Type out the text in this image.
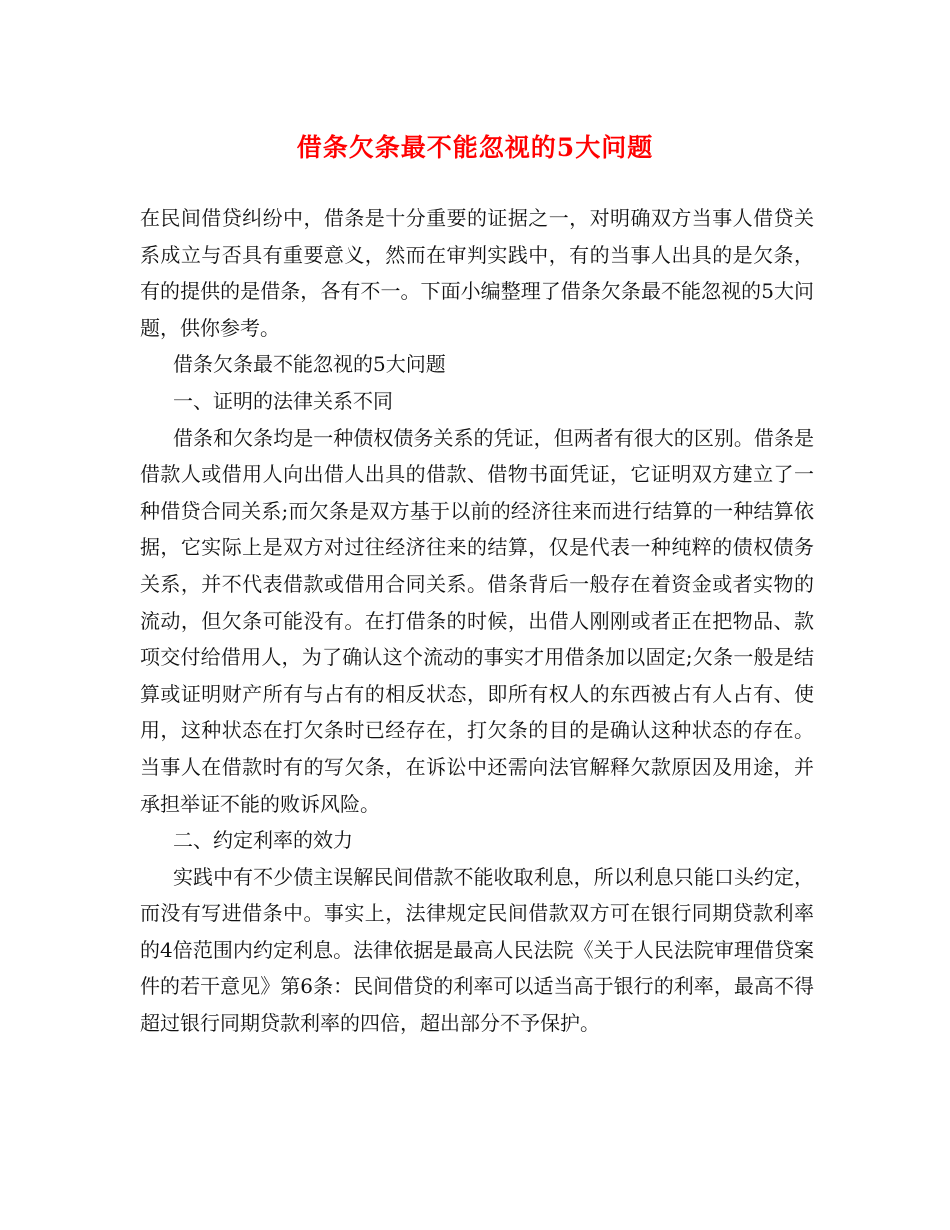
借条欠条最不能忽视的5大问题

在民间借贷纠纷中，借条是十分重要的证据之一，对明确双方当事人借贷关系成立与否具有重要意义，然而在审判实践中，有的当事人出具的是欠条，有的提供的是借条，各有不一。下面小编整理了借条欠条最不能忽视的5大问题，供你参考。

借条欠条最不能忽视的5大问题

一、证明的法律关系不同

借条和欠条均是一种债权债务关系的凭证，但两者有很大的区别。借条是借款人或借用人向出借人出具的借款、借物书面凭证，它证明双方建立了一种借贷合同关系;而欠条是双方基于以前的经济往来而进行结算的一种结算依据，它实际上是双方对过往经济往来的结算，仅是代表一种纯粹的债权债务关系，并不代表借款或借用合同关系。借条背后一般存在着资金或者实物的流动，但欠条可能没有。在打借条的时候，出借人刚刚或者正在把物品、款项交付给借用人，为了确认这个流动的事实才用借条加以固定;欠条一般是结算或证明财产所有与占有的相反状态，即所有权人的东西被占有人占有、使用，这种状态在打欠条时已经存在，打欠条的目的是确认这种状态的存在。当事人在借款时有的写欠条，在诉讼中还需向法官解释欠款原因及用途，并承担举证不能的败诉风险。

二、约定利率的效力

实践中有不少债主误解民间借款不能收取利息，所以利息只能口头约定，而没有写进借条中。事实上，法律规定民间借款双方可在银行同期贷款利率的4倍范围内约定利息。法律依据是最高人民法院《关于人民法院审理借贷案件的若干意见》第6条：民间借贷的利率可以适当高于银行的利率，最高不得超过银行同期贷款利率的四倍，超出部分不予保护。
